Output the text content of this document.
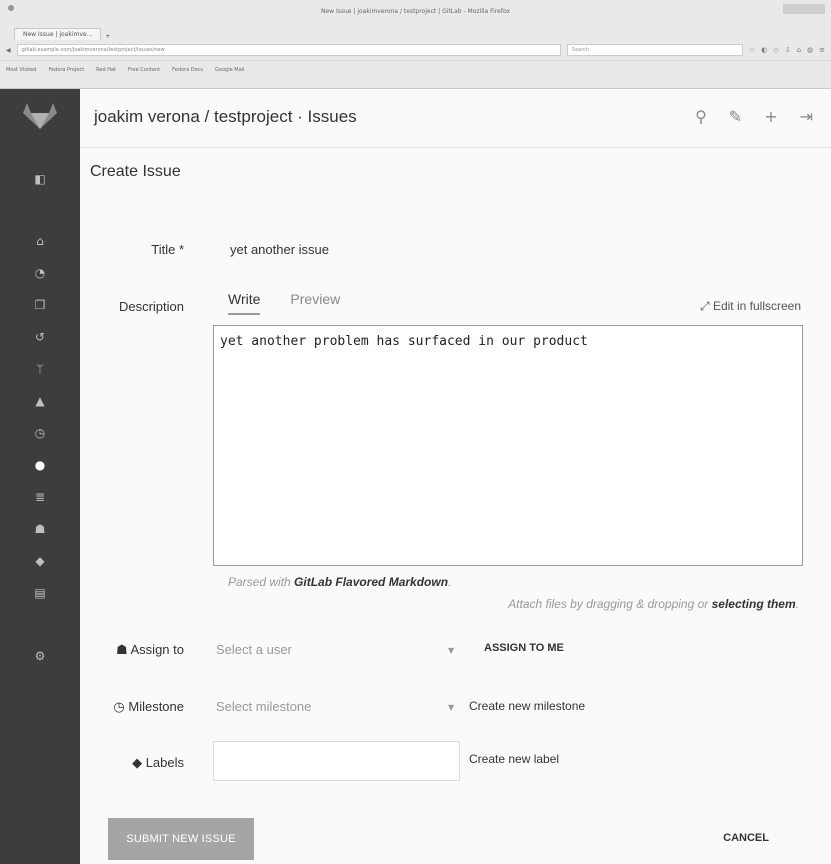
New Issue | joakimverona / testproject | GitLab - Mozilla Firefox
New Issue | joakimve...	+
◀ gitlab.example.com/joakimverona/testproject/issues/new	Search	☆ ◐ ◇ ⇩ ⌂ ◍ ≡
Most Visited Fedora Project Red Hat Free Content Fedora Docs Google Mail
◧
⌂
◔
❐
↺
ᛘ
▲
◷
●
≣
☗
◆
▤
⚙
joakim verona / testproject · Issues	⚲ ✎ + ⇥
Create Issue
Title *	yet another issue
Description	Write Preview	⤢ Edit in fullscreen
yet another problem has surfaced in our product
Parsed with GitLab Flavored Markdown.
Attach files by dragging & dropping or selecting them.
☗ Assign to Select a user	▼	ASSIGN TO ME
◷ Milestone Select milestone	▼ Create new milestone
◆ Labels	Create new label
SUBMIT NEW ISSUE	CANCEL
